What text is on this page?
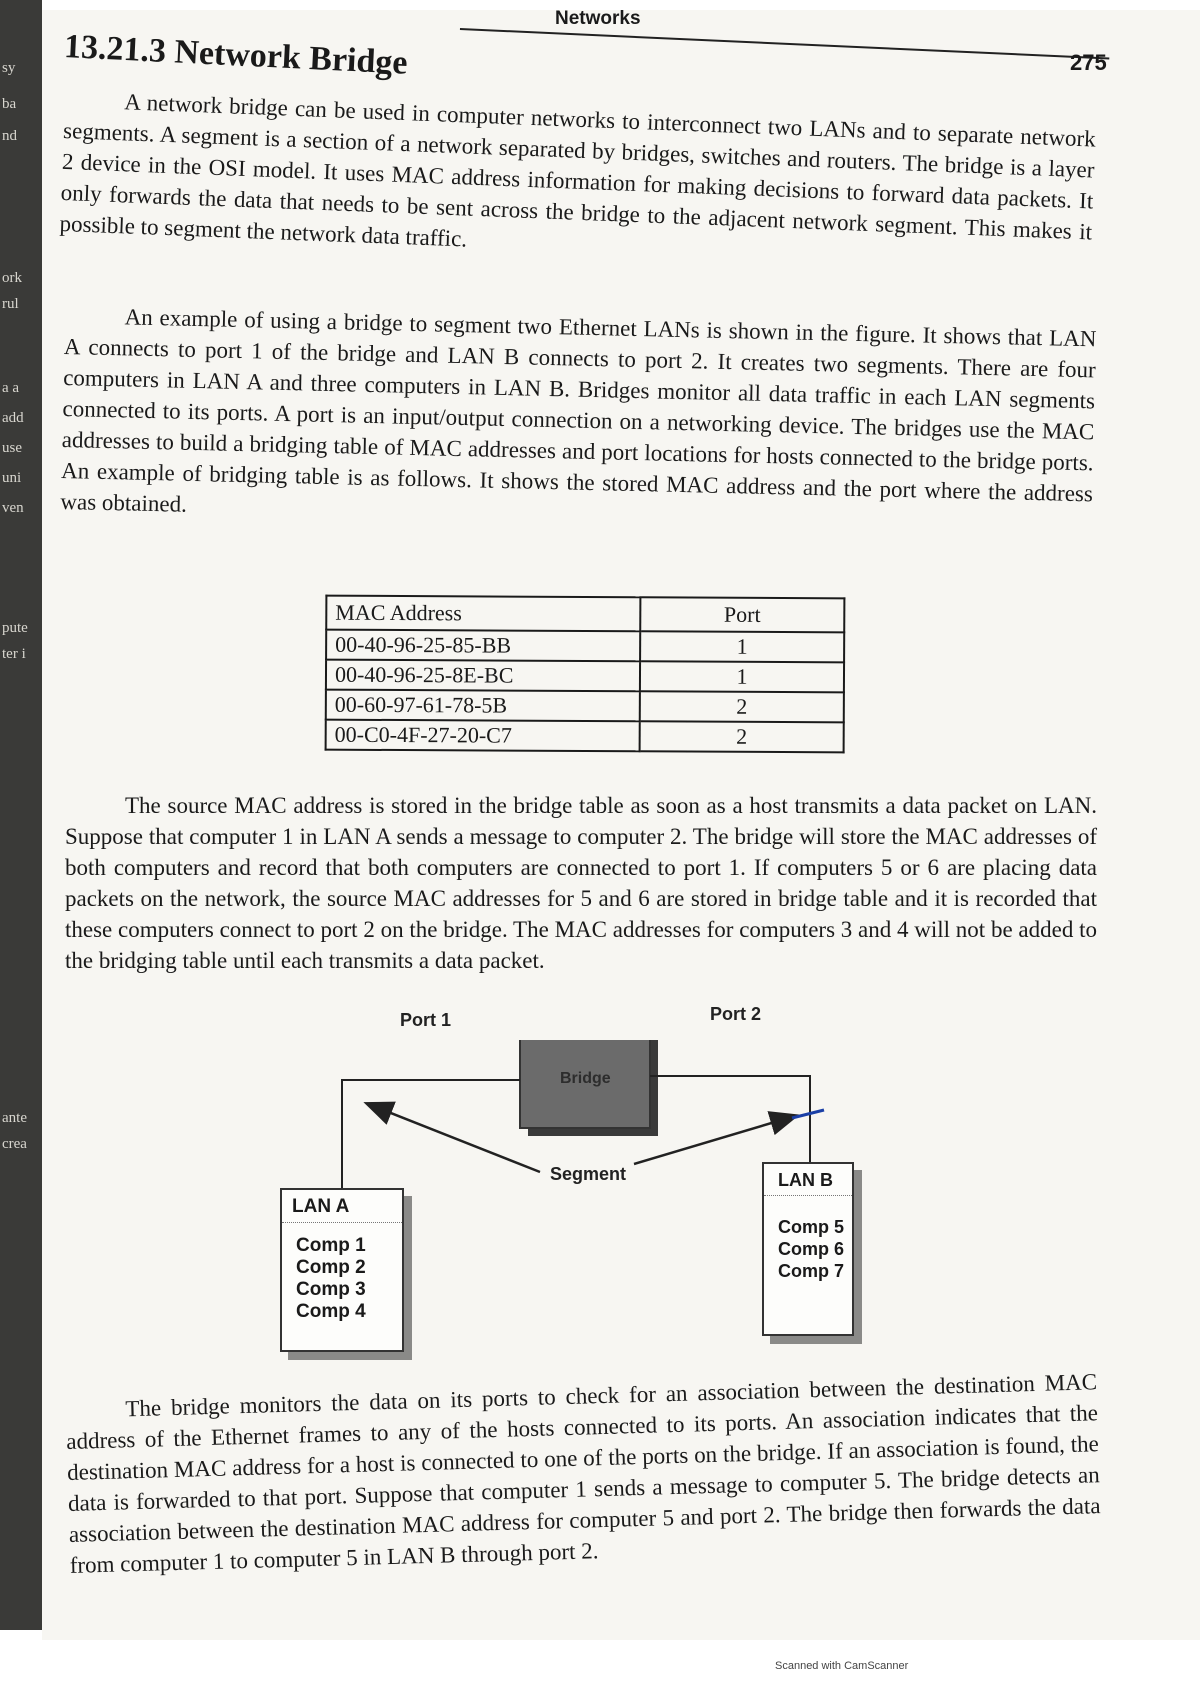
sy
ba
nd
ork
rul
a a
add
use
uni
ven
pute
ter i
ante
crea
Networks
275
13.21.3 Network Bridge

A network bridge can be used in computer networks to interconnect two LANs and to separate network segments. A segment is a section of a network separated by bridges, switches and routers. The bridge is a layer 2 device in the OSI model. It uses MAC address information for making decisions to forward data packets. It only forwards the data that needs to be sent across the bridge to the adjacent network segment. This makes it possible to segment the network data traffic.

An example of using a bridge to segment two Ethernet LANs is shown in the figure. It shows that LAN A connects to port 1 of the bridge and LAN B connects to port 2. It creates two segments. There are four computers in LAN A and three computers in LAN B. Bridges monitor all data traffic in each LAN segments connected to its ports. A port is an input/output connection on a networking device. The bridges use the MAC addresses to build a bridging table of MAC addresses and port locations for hosts connected to the bridge ports. An example of bridging table is as follows. It shows the stored MAC address and the port where the address was obtained.

MAC Address	Port
00-40-96-25-85-BB	1
00-40-96-25-8E-BC	1
00-60-97-61-78-5B	2
00-C0-4F-27-20-C7	2

The source MAC address is stored in the bridge table as soon as a host transmits a data packet on LAN. Suppose that computer 1 in LAN A sends a message to computer 2. The bridge will store the MAC addresses of both computers and record that both computers are connected to port 1. If computers 5 or 6 are placing data packets on the network, the source MAC addresses for 5 and 6 are stored in bridge table and it is recorded that these computers connect to port 2 on the bridge. The MAC addresses for computers 3 and 4 will not be added to the bridging table until each transmits a data packet.

Port 1	Port 2
Bridge
Segment
LAN A
Comp 1
Comp 2
Comp 3
Comp 4
LAN B
Comp 5
Comp 6
Comp 7

The bridge monitors the data on its ports to check for an association between the destination MAC address of the Ethernet frames to any of the hosts connected to its ports. An association indicates that the destination MAC address for a host is connected to one of the ports on the bridge. If an association is found, the data is forwarded to that port. Suppose that computer 1 sends a message to computer 5. The bridge detects an association between the destination MAC address for computer 5 and port 2. The bridge then forwards the data from computer 1 to computer 5 in LAN B through port 2.

Scanned with CamScanner
